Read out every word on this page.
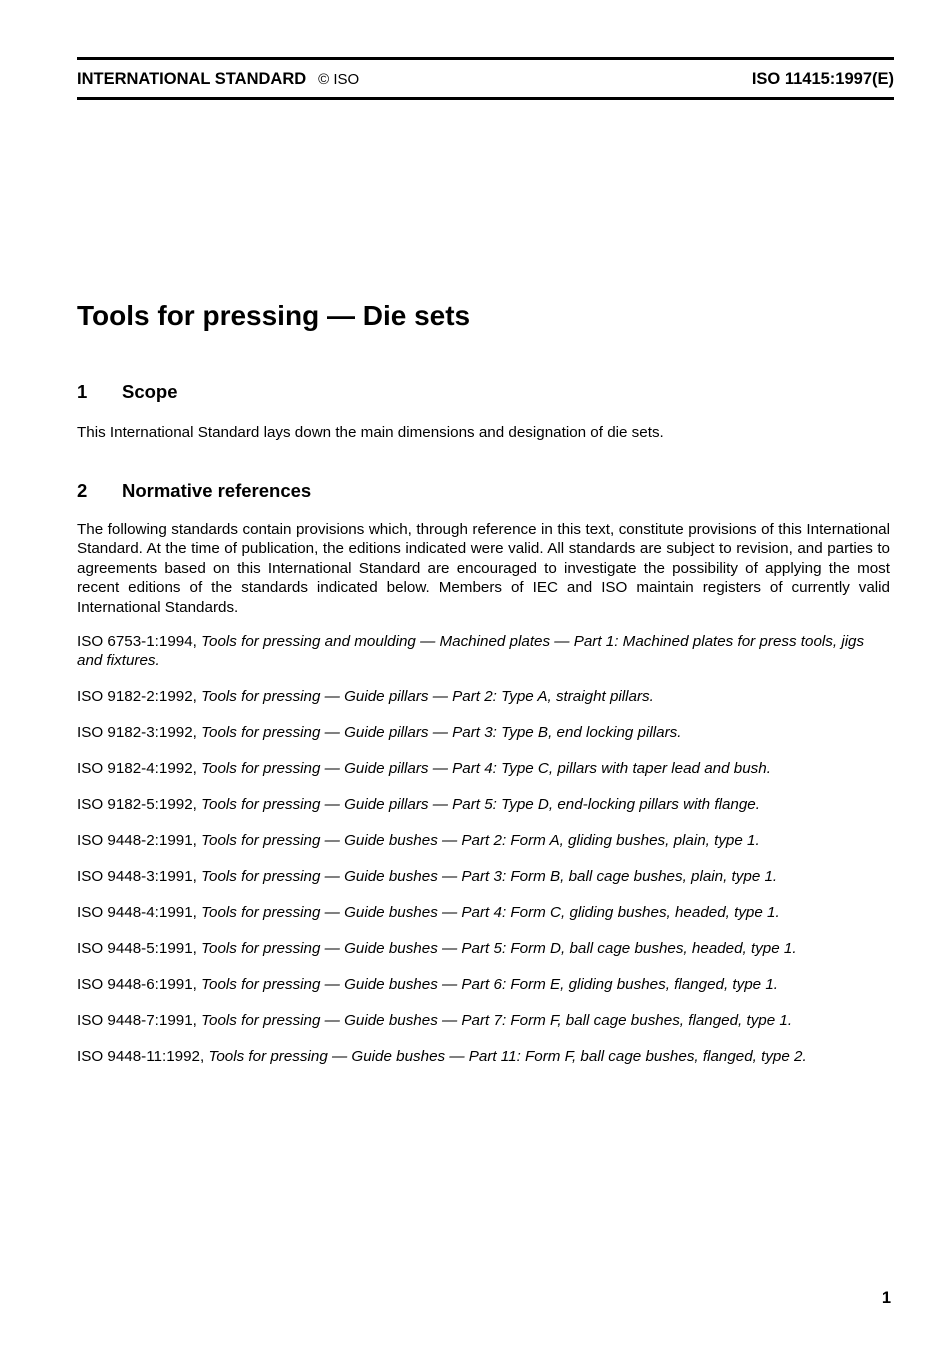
INTERNATIONAL STANDARD © ISO	ISO 11415:1997(E)
Tools for pressing — Die sets
1 Scope

This International Standard lays down the main dimensions and designation of die sets.

2 Normative references

The following standards contain provisions which, through reference in this text, constitute provisions of this International Standard. At the time of publication, the editions indicated were valid. All standards are subject to revision, and parties to agreements based on this International Standard are encouraged to investigate the possibility of applying the most recent editions of the standards indicated below. Members of IEC and ISO maintain registers of currently valid International Standards.

ISO 6753-1:1994, Tools for pressing and moulding — Machined plates — Part 1: Machined plates for press tools, jigs and fixtures.
ISO 9182-2:1992, Tools for pressing — Guide pillars — Part 2: Type A, straight pillars.
ISO 9182-3:1992, Tools for pressing — Guide pillars — Part 3: Type B, end locking pillars.
ISO 9182-4:1992, Tools for pressing — Guide pillars — Part 4: Type C, pillars with taper lead and bush.
ISO 9182-5:1992, Tools for pressing — Guide pillars — Part 5: Type D, end-locking pillars with flange.
ISO 9448-2:1991, Tools for pressing — Guide bushes — Part 2: Form A, gliding bushes, plain, type 1.
ISO 9448-3:1991, Tools for pressing — Guide bushes — Part 3: Form B, ball cage bushes, plain, type 1.
ISO 9448-4:1991, Tools for pressing — Guide bushes — Part 4: Form C, gliding bushes, headed, type 1.
ISO 9448-5:1991, Tools for pressing — Guide bushes — Part 5: Form D, ball cage bushes, headed, type 1.
ISO 9448-6:1991, Tools for pressing — Guide bushes — Part 6: Form E, gliding bushes, flanged, type 1.
ISO 9448-7:1991, Tools for pressing — Guide bushes — Part 7: Form F, ball cage bushes, flanged, type 1.
ISO 9448-11:1992, Tools for pressing — Guide bushes — Part 11: Form F, ball cage bushes, flanged, type 2.
1
